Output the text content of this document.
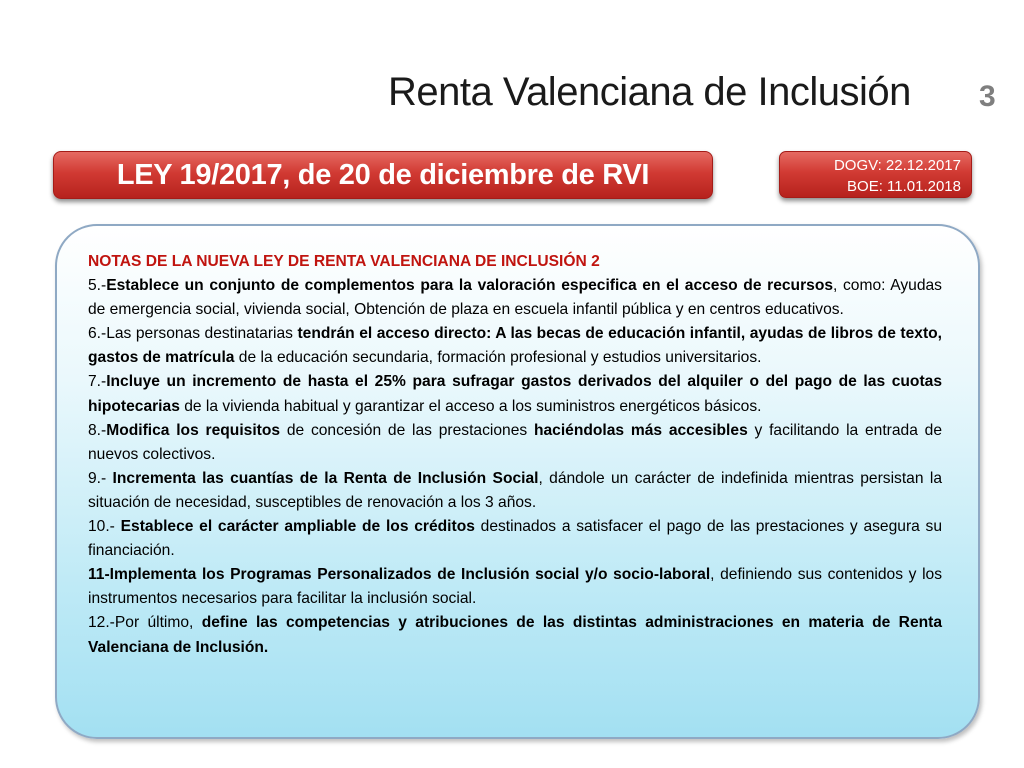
Renta Valenciana de Inclusión 3
LEY 19/2017, de 20 de diciembre de RVI	DOGV: 22.12.2017
BOE: 11.01.2018

NOTAS DE LA NUEVA LEY DE RENTA VALENCIANA DE INCLUSIÓN 2

5.-Establece un conjunto de complementos para la valoración especifica en el acceso de recursos, como: Ayudas de emergencia social, vivienda social, Obtención de plaza en escuela infantil pública y en centros educativos.

6.-Las personas destinatarias tendrán el acceso directo: A las becas de educación infantil, ayudas de libros de texto, gastos de matrícula de la educación secundaria, formación profesional y estudios universitarios.

7.-Incluye un incremento de hasta el 25% para sufragar gastos derivados del alquiler o del pago de las cuotas hipotecarias de la vivienda habitual y garantizar el acceso a los suministros energéticos básicos.

8.-Modifica los requisitos de concesión de las prestaciones haciéndolas más accesibles y facilitando la entrada de nuevos colectivos.

9.- Incrementa las cuantías de la Renta de Inclusión Social, dándole un carácter de indefinida mientras persistan la situación de necesidad, susceptibles de renovación a los 3 años.

10.- Establece el carácter ampliable de los créditos destinados a satisfacer el pago de las prestaciones y asegura su financiación.

11-Implementa los Programas Personalizados de Inclusión social y/o socio-laboral, definiendo sus contenidos y los instrumentos necesarios para facilitar la inclusión social.

12.-Por último, define las competencias y atribuciones de las distintas administraciones en materia de Renta Valenciana de Inclusión.
